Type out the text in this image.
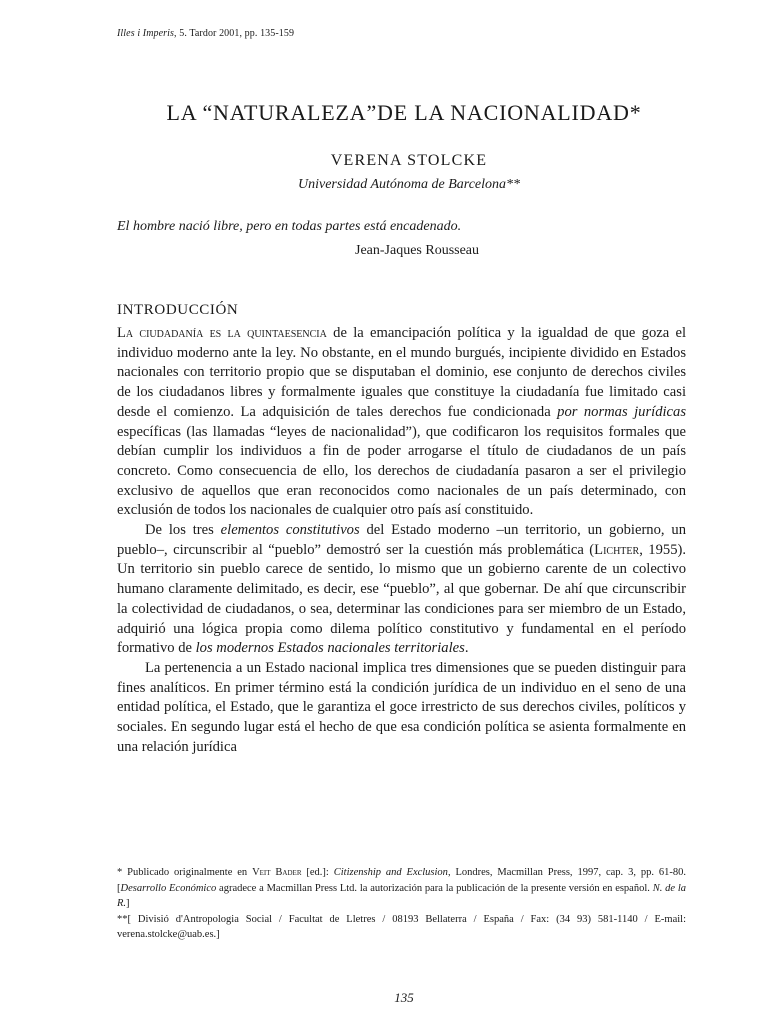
Illes i Imperis, 5. Tardor 2001, pp. 135-159
LA “NATURALEZA”DE LA NACIONALIDAD*
VERENA STOLCKE
Universidad Autónoma de Barcelona**
El hombre nació libre, pero en todas partes está encadenado.
Jean-Jaques Rousseau
INTRODUCCIÓN

La ciudadanía es la quintaesencia de la emancipación política y la igualdad de que goza el individuo moderno ante la ley. No obstante, en el mundo burgués, incipiente dividido en Estados nacionales con territorio propio que se disputaban el dominio, ese conjunto de derechos civiles de los ciudadanos libres y formalmente iguales que constituye la ciudadanía fue limitado casi desde el comienzo. La adquisición de tales derechos fue condicionada por normas jurídicas específicas (las llamadas “leyes de nacionalidad”), que codificaron los requisitos formales que debían cumplir los individuos a fin de poder arrogarse el título de ciudadanos de un país concreto. Como consecuencia de ello, los derechos de ciudadanía pasaron a ser el privilegio exclusivo de aquellos que eran reconocidos como nacionales de un país determinado, con exclusión de todos los nacionales de cualquier otro país así constituido.

De los tres elementos constitutivos del Estado moderno –un territorio, un gobierno, un pueblo–, circunscribir al “pueblo” demostró ser la cuestión más problemática (Lichter, 1955). Un territorio sin pueblo carece de sentido, lo mismo que un gobierno carente de un colectivo humano claramente delimitado, es decir, ese “pueblo”, al que gobernar. De ahí que circunscribir la colectividad de ciudadanos, o sea, determinar las condiciones para ser miembro de un Estado, adquirió una lógica propia como dilema político constitutivo y fundamental en el período formativo de los modernos Estados nacionales territoriales.

La pertenencia a un Estado nacional implica tres dimensiones que se pueden distinguir para fines analíticos. En primer término está la condición jurídica de un individuo en el seno de una entidad política, el Estado, que le garantiza el goce irrestricto de sus derechos civiles, políticos y sociales. En segundo lugar está el hecho de que esa condición política se asienta formalmente en una relación jurídica

* Publicado originalmente en Veit Bader [ed.]: Citizenship and Exclusion, Londres, Macmillan Press, 1997, cap. 3, pp. 61-80. [Desarrollo Económico agradece a Macmillan Press Ltd. la autorización para la publicación de la presente versión en español. N. de la R.]

**[ Divisió d'Antropologia Social / Facultat de Lletres / 08193 Bellaterra / España / Fax: (34 93) 581-1140 / E-mail: verena.stolcke@uab.es.]

135
